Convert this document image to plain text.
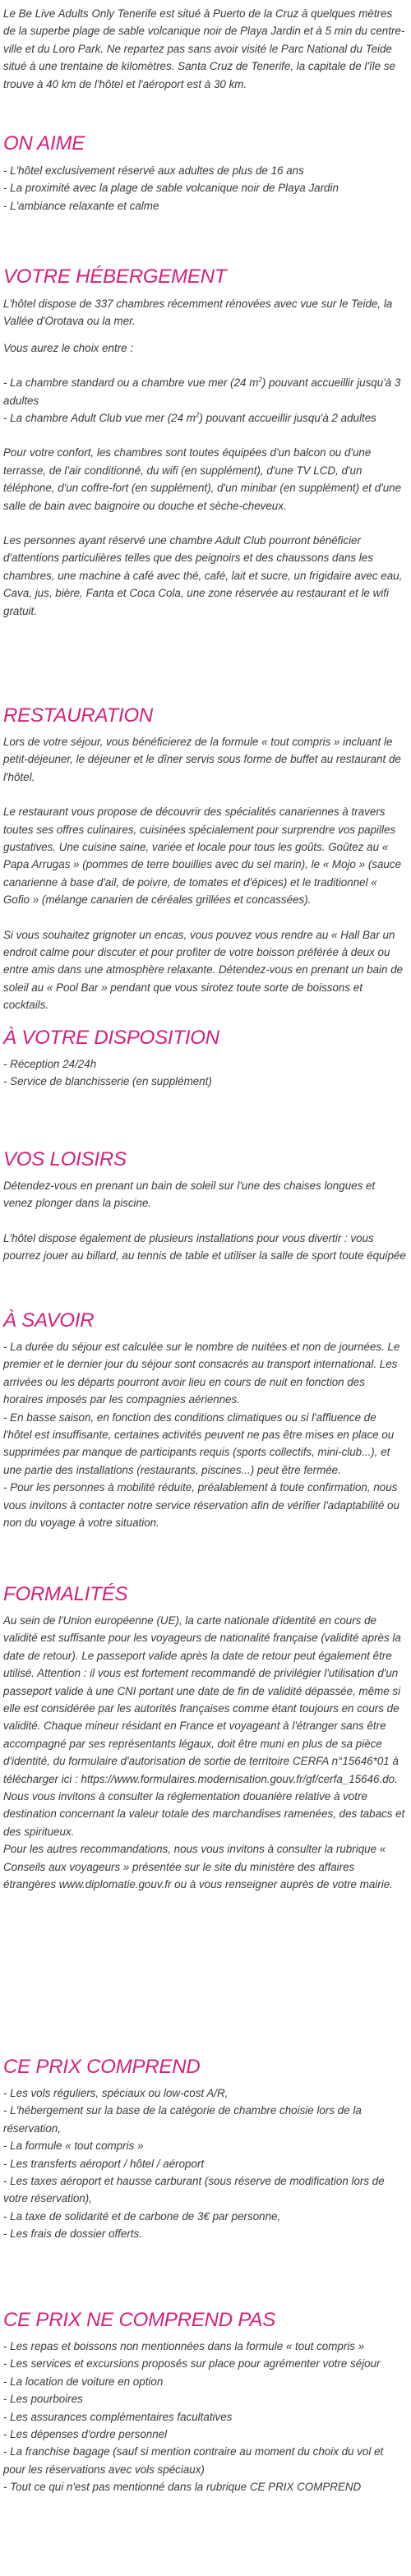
Le Be Live Adults Only Tenerife est situé à Puerto de la Cruz à quelques mètres de la superbe plage de sable volcanique noir de Playa Jardin et à 5 min du centre-ville et du Loro Park. Ne repartez pas sans avoir visité le Parc National du Teide situé à une trentaine de kilomètres. Santa Cruz de Tenerife, la capitale de l'île se trouve à 40 km de l'hôtel et l'aéroport est à 30 km.

ON AIME

- L'hôtel exclusivement réservé aux adultes de plus de 16 ans

- La proximité avec la plage de sable volcanique noir de Playa Jardin

- L'ambiance relaxante et calme

VOTRE HÉBERGEMENT

L'hôtel dispose de 337 chambres récemment rénovées avec vue sur le Teide, la Vallée d'Orotava ou la mer.

Vous aurez le choix entre :

- La chambre standard ou a chambre vue mer (24 $m^2$) pouvant accueillir jusqu'à 3 adultes

- La chambre Adult Club vue mer (24 $m^2$) pouvant accueillir jusqu'à 2 adultes

Pour votre confort, les chambres sont toutes équipées d'un balcon ou d'une terrasse, de l'air conditionné, du wifi (en supplément), d'une TV LCD, d'un téléphone, d'un coffre-fort (en supplément), d'un minibar (en supplément) et d'une salle de bain avec baignoire ou douche et sèche-cheveux.

Les personnes ayant réservé une chambre Adult Club pourront bénéficier d'attentions particulières telles que des peignoirs et des chaussons dans les chambres, une machine à café avec thé, café, lait et sucre, un frigidaire avec eau, Cava, jus, bière, Fanta et Coca Cola, une zone réservée au restaurant et le wifi gratuit.

RESTAURATION

Lors de votre séjour, vous bénéficierez de la formule « tout compris » incluant le petit-déjeuner, le déjeuner et le dîner servis sous forme de buffet au restaurant de l'hôtel.

Le restaurant vous propose de découvrir des spécialités canariennes à travers toutes ses offres culinaires, cuisinées spécialement pour surprendre vos papilles gustatives. Une cuisine saine, variée et locale pour tous les goûts. Goûtez au « Papa Arrugas » (pommes de terre bouillies avec du sel marin), le « Mojo » (sauce canarienne à base d'ail, de poivre, de tomates et d'épices) et le traditionnel « Gofio » (mélange canarien de céréales grillées et concassées).

Si vous souhaitez grignoter un encas, vous pouvez vous rendre au « Hall Bar un endroit calme pour discuter et pour profiter de votre boisson préférée à deux ou entre amis dans une atmosphère relaxante. Détendez-vous en prenant un bain de soleil au « Pool Bar » pendant que vous sirotez toute sorte de boissons et cocktails.

À VOTRE DISPOSITION

- Réception 24/24h

- Service de blanchisserie (en supplément)

VOS LOISIRS

Détendez-vous en prenant un bain de soleil sur l'une des chaises longues et venez plonger dans la piscine.

L'hôtel dispose également de plusieurs installations pour vous divertir : vous pourrez jouer au billard, au tennis de table et utiliser la salle de sport toute équipée

À SAVOIR

- La durée du séjour est calculée sur le nombre de nuitées et non de journées. Le premier et le dernier jour du séjour sont consacrés au transport international. Les arrivées ou les départs pourront avoir lieu en cours de nuit en fonction des horaires imposés par les compagnies aériennes.

- En basse saison, en fonction des conditions climatiques ou si l'affluence de l'hôtel est insuffisante, certaines activités peuvent ne pas être mises en place ou supprimées par manque de participants requis (sports collectifs, mini-club...), et une partie des installations (restaurants, piscines...) peut être fermée.

- Pour les personnes à mobilité réduite, préalablement à toute confirmation, nous vous invitons à contacter notre service réservation afin de vérifier l'adaptabilité ou non du voyage à votre situation.

FORMALITÉS

Au sein de l'Union européenne (UE), la carte nationale d'identité en cours de validité est suffisante pour les voyageurs de nationalité française (validité après la date de retour). Le passeport valide après la date de retour peut également être utilisé. Attention : il vous est fortement recommandé de privilégier l'utilisation d'un passeport valide à une CNI portant une date de fin de validité dépassée, même si elle est considérée par les autorités françaises comme étant toujours en cours de validité. Chaque mineur résidant en France et voyageant à l'étranger sans être accompagné par ses représentants légaux, doit être muni en plus de sa pièce d'identité, du formulaire d'autorisation de sortie de territoire CERFA n°15646*01 à télécharger ici : https://www.formulaires.modernisation.gouv.fr/gf/cerfa_15646.do.

Nous vous invitons à consulter la réglementation douanière relative à votre destination concernant la valeur totale des marchandises ramenées, des tabacs et des spiritueux.

Pour les autres recommandations, nous vous invitons à consulter la rubrique « Conseils aux voyageurs » présentée sur le site du ministère des affaires étrangères www.diplomatie.gouv.fr ou à vous renseigner auprès de votre mairie.

CE PRIX COMPREND

- Les vols réguliers, spéciaux ou low-cost A/R,

- L'hébergement sur la base de la catégorie de chambre choisie lors de la réservation,

- La formule « tout compris »

- Les transferts aéroport / hôtel / aéroport

- Les taxes aéroport et hausse carburant (sous réserve de modification lors de votre réservation),

- La taxe de solidarité et de carbone de 3€ par personne,

- Les frais de dossier offerts.

CE PRIX NE COMPREND PAS

- Les repas et boissons non mentionnées dans la formule « tout compris »

- Les services et excursions proposés sur place pour agrémenter votre séjour

- La location de voiture en option

- Les pourboires

- Les assurances complémentaires facultatives

- Les dépenses d'ordre personnel

- La franchise bagage (sauf si mention contraire au moment du choix du vol et pour les réservations avec vols spéciaux)

- Tout ce qui n'est pas mentionné dans la rubrique CE PRIX COMPREND
